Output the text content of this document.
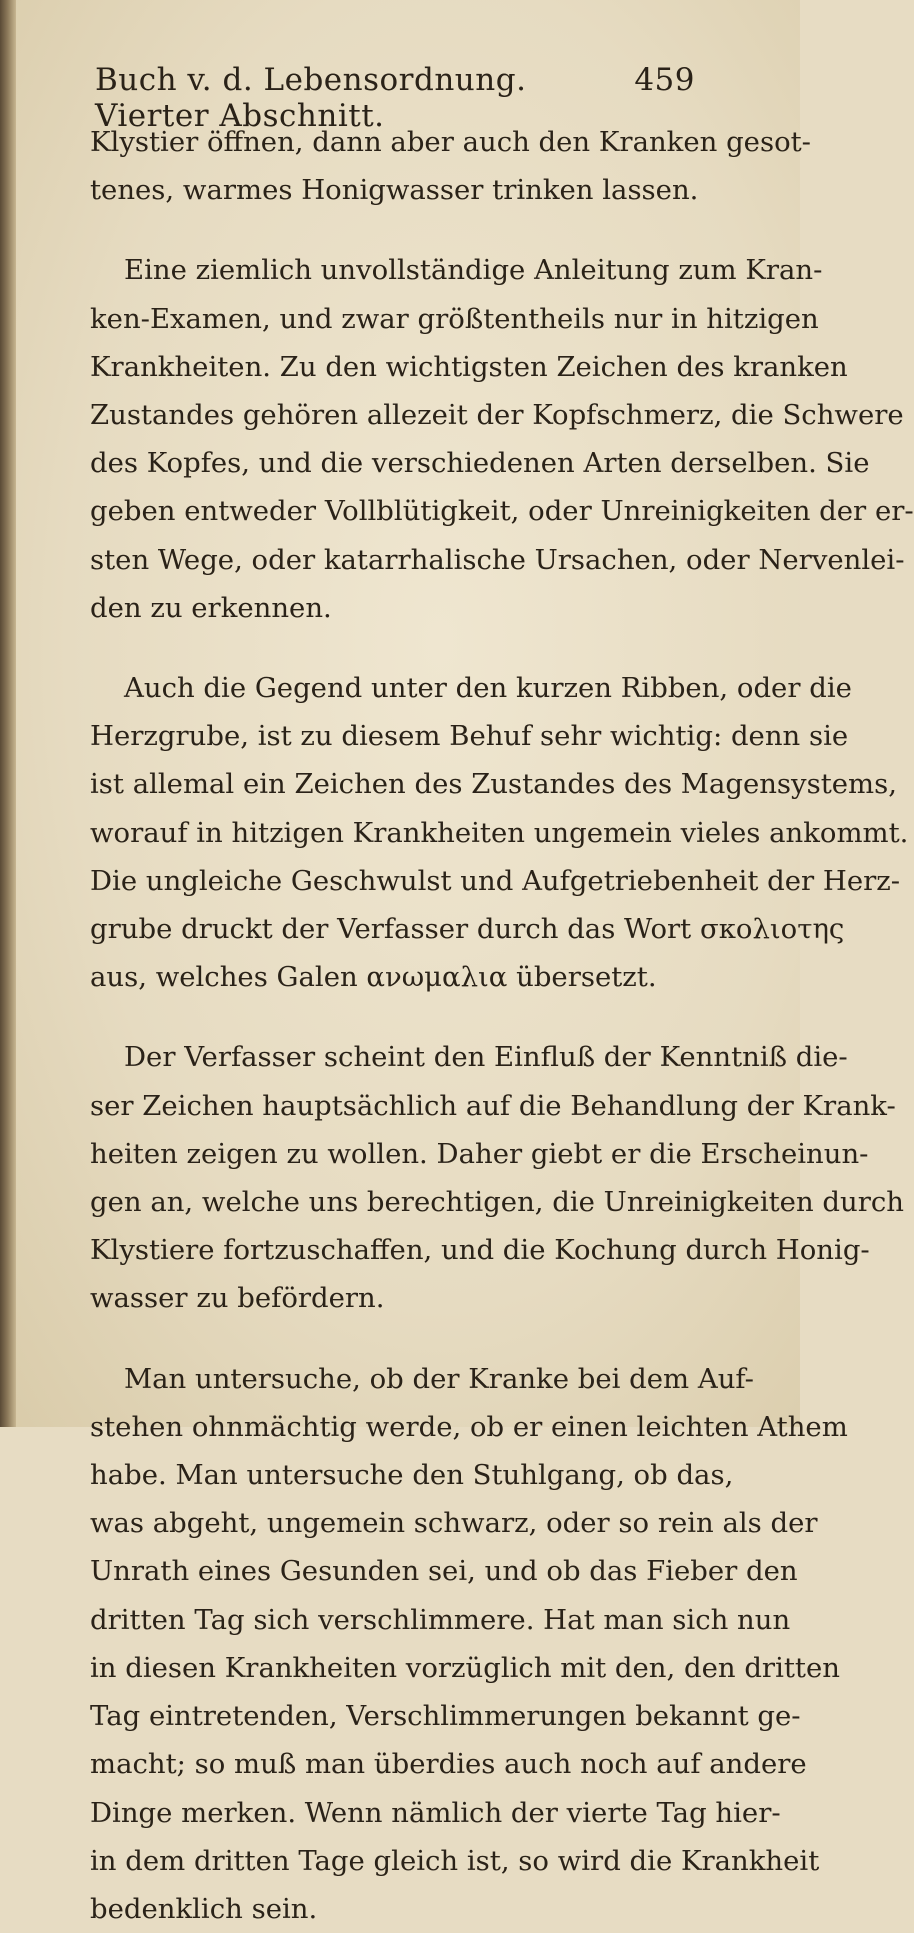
Buch v. d. Lebensordnung. Vierter Abschnitt.
459
Klystier öffnen, dann aber auch den Kranken gesot-
tenes, warmes Honigwasser trinken lassen.
Eine ziemlich unvollständige Anleitung zum Kran-
ken-Examen, und zwar größtentheils nur in hitzigen
Krankheiten. Zu den wichtigsten Zeichen des kranken
Zustandes gehören allezeit der Kopfschmerz, die Schwere
des Kopfes, und die verschiedenen Arten derselben. Sie
geben entweder Vollblütigkeit, oder Unreinigkeiten der er-
sten Wege, oder katarrhalische Ursachen, oder Nervenlei-
den zu erkennen.
Auch die Gegend unter den kurzen Ribben, oder die
Herzgrube, ist zu diesem Behuf sehr wichtig: denn sie
ist allemal ein Zeichen des Zustandes des Magensystems,
worauf in hitzigen Krankheiten ungemein vieles ankommt.
Die ungleiche Geschwulst und Aufgetriebenheit der Herz-
grube druckt der Verfasser durch das Wort σκολιοτης
aus, welches Galen ανωμαλια übersetzt.
Der Verfasser scheint den Einfluß der Kenntniß die-
ser Zeichen hauptsächlich auf die Behandlung der Krank-
heiten zeigen zu wollen. Daher giebt er die Erscheinun-
gen an, welche uns berechtigen, die Unreinigkeiten durch
Klystiere fortzuschaffen, und die Kochung durch Honig-
wasser zu befördern.
Man untersuche, ob der Kranke bei dem Auf-
stehen ohnmächtig werde, ob er einen leichten Athem
habe. Man untersuche den Stuhlgang, ob das,
was abgeht, ungemein schwarz, oder so rein als der
Unrath eines Gesunden sei, und ob das Fieber den
dritten Tag sich verschlimmere. Hat man sich nun
in diesen Krankheiten vorzüglich mit den, den dritten
Tag eintretenden, Verschlimmerungen bekannt ge-
macht; so muß man überdies auch noch auf andere
Dinge merken. Wenn nämlich der vierte Tag hier-
in dem dritten Tage gleich ist, so wird die Krankheit
bedenklich sein.
